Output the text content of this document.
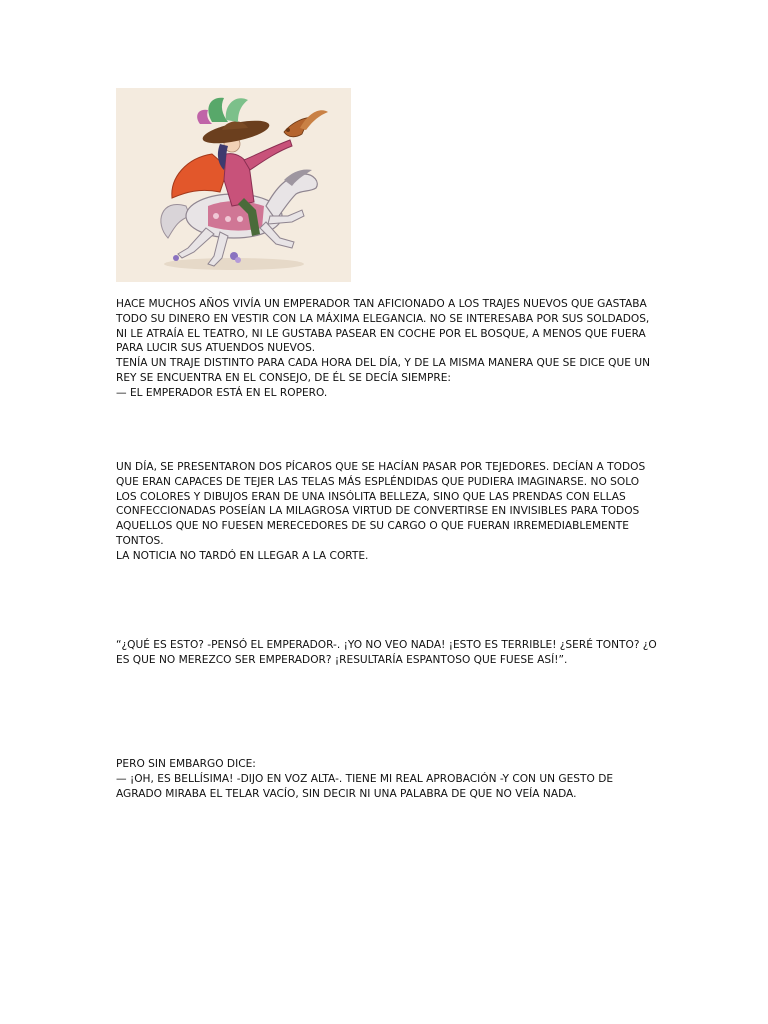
HACE MUCHOS AÑOS VIVÍA UN EMPERADOR TAN AFICIONADO A LOS TRAJES NUEVOS QUE GASTABA
TODO SU DINERO EN VESTIR CON LA MÁXIMA ELEGANCIA. NO SE INTERESABA POR SUS SOLDADOS,
NI LE ATRAÍA EL TEATRO, NI LE GUSTABA PASEAR EN COCHE POR EL BOSQUE, A MENOS QUE FUERA
PARA LUCIR SUS ATUENDOS NUEVOS.
TENÍA UN TRAJE DISTINTO PARA CADA HORA DEL DÍA, Y DE LA MISMA MANERA QUE SE DICE QUE UN
REY SE ENCUENTRA EN EL CONSEJO, DE ÉL SE DECÍA SIEMPRE:
— EL EMPERADOR ESTÁ EN EL ROPERO.
UN DÍA, SE PRESENTARON DOS PÍCAROS QUE SE HACÍAN PASAR POR TEJEDORES. DECÍAN A TODOS
QUE ERAN CAPACES DE TEJER LAS TELAS MÁS ESPLÉNDIDAS QUE PUDIERA IMAGINARSE. NO SOLO
LOS COLORES Y DIBUJOS ERAN DE UNA INSÓLITA BELLEZA, SINO QUE LAS PRENDAS CON ELLAS
CONFECCIONADAS POSEÍAN LA MILAGROSA VIRTUD DE CONVERTIRSE EN INVISIBLES PARA TODOS
AQUELLOS QUE NO FUESEN MERECEDORES DE SU CARGO O QUE FUERAN IRREMEDIABLEMENTE
TONTOS.
LA NOTICIA NO TARDÓ EN LLEGAR A LA CORTE.
“¿QUÉ ES ESTO? -PENSÓ EL EMPERADOR-. ¡YO NO VEO NADA! ¡ESTO ES TERRIBLE! ¿SERÉ TONTO? ¿O
ES QUE NO MEREZCO SER EMPERADOR? ¡RESULTARÍA ESPANTOSO QUE FUESE ASÍ!”.
PERO SIN EMBARGO DICE:
— ¡OH, ES BELLÍSIMA! -DIJO EN VOZ ALTA-. TIENE MI REAL APROBACIÓN -Y CON UN GESTO DE
AGRADO MIRABA EL TELAR VACÍO, SIN DECIR NI UNA PALABRA DE QUE NO VEÍA NADA.
